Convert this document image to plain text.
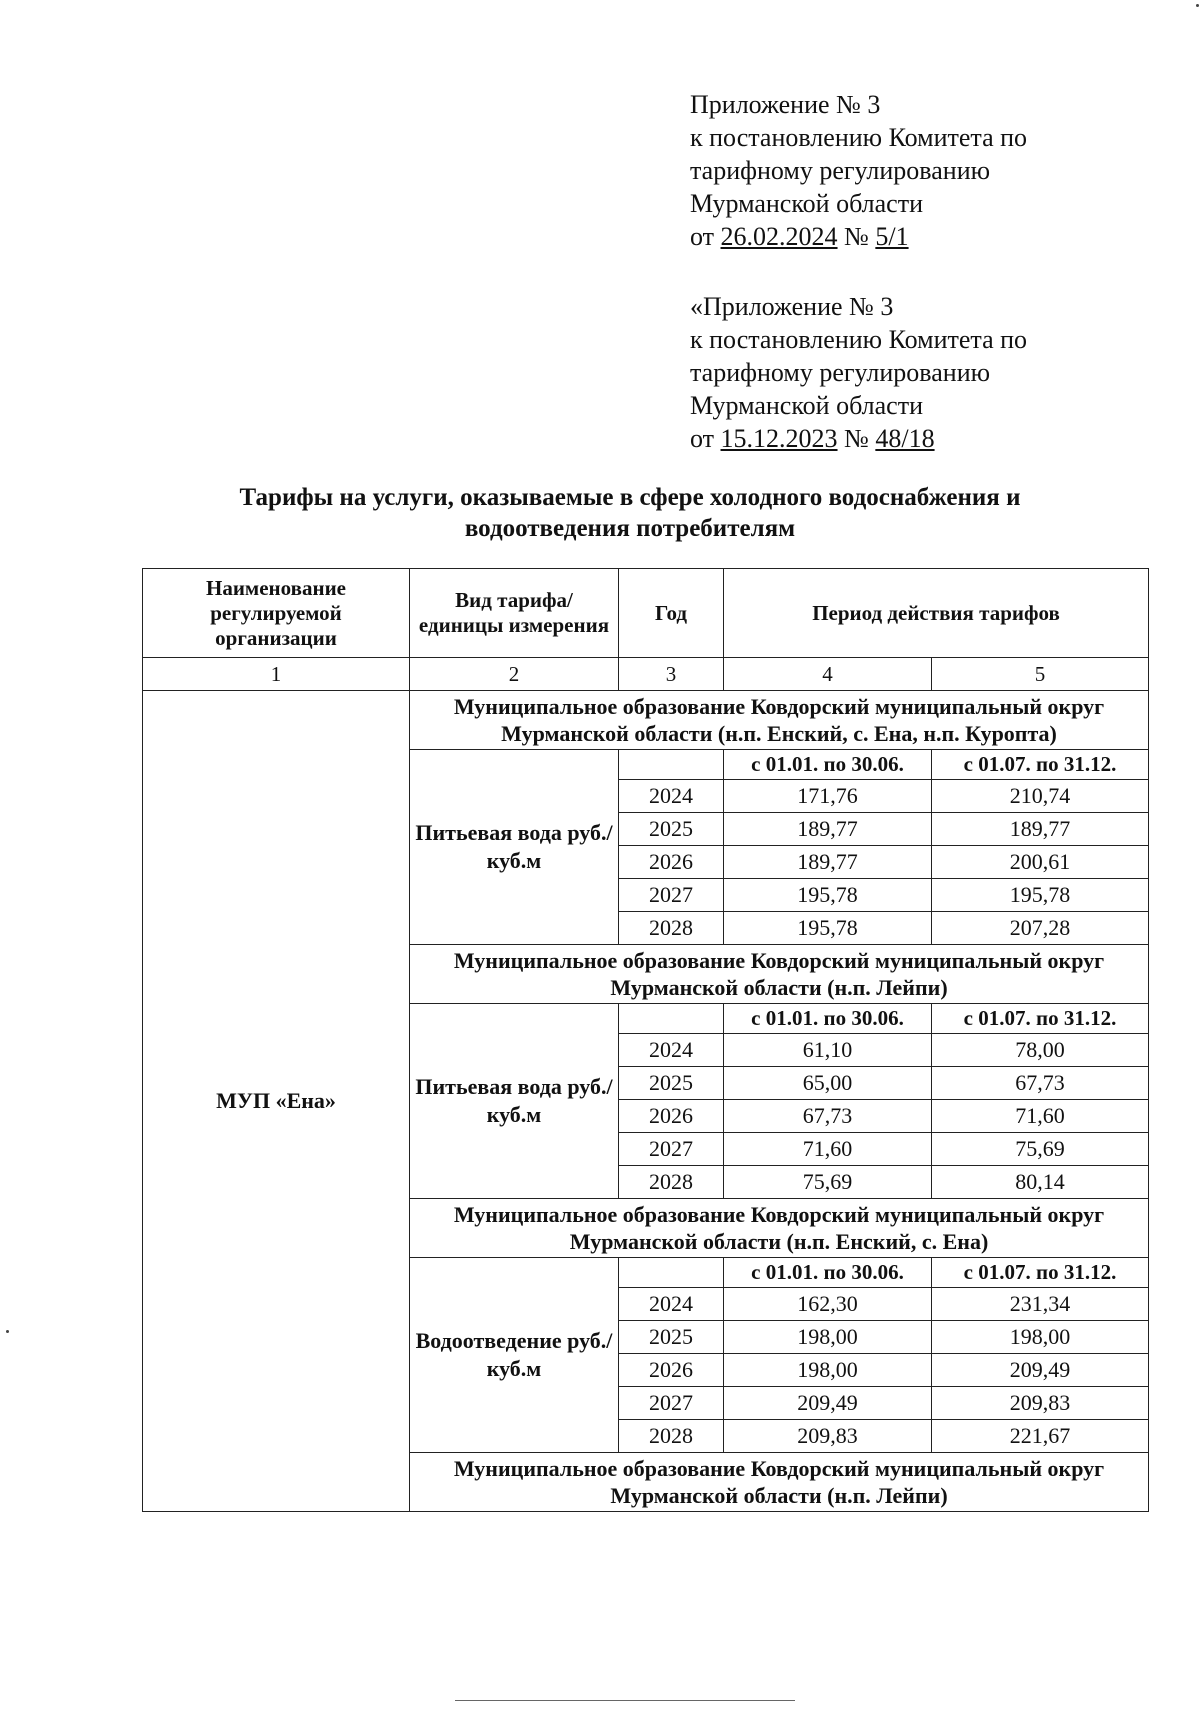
Приложение № 3
к постановлению Комитета по
тарифному регулированию
Мурманской области
от 26.02.2024 № 5/1
«Приложение № 3
к постановлению Комитета по
тарифному регулированию
Мурманской области
от 15.12.2023 № 48/18
Тарифы на услуги, оказываемые в сфере холодного водоснабжения и
водоотведения потребителям
Наименование регулируемой организации	Вид тарифа/единицы измерения	Год	Период действия тарифов	
1	2	3	4	5
МУП «Ена»	Муниципальное образование Ковдорский муниципальный округ Мурманской области (н.п. Енский, с. Ена, н.п. Куропта)			
	Питьевая вода руб./куб.м		с 01.01. по 30.06.	с 01.07. по 31.12.
		2024	171,76	210,74
		2025	189,77	189,77
		2026	189,77	200,61
		2027	195,78	195,78
		2028	195,78	207,28
	Муниципальное образование Ковдорский муниципальный округ Мурманской области (н.п. Лейпи)			
	Питьевая вода руб./куб.м		с 01.01. по 30.06.	с 01.07. по 31.12.
		2024	61,10	78,00
		2025	65,00	67,73
		2026	67,73	71,60
		2027	71,60	75,69
		2028	75,69	80,14
	Муниципальное образование Ковдорский муниципальный округ Мурманской области (н.п. Енский, с. Ена)			
	Водоотведение руб./куб.м		с 01.01. по 30.06.	с 01.07. по 31.12.
		2024	162,30	231,34
		2025	198,00	198,00
		2026	198,00	209,49
		2027	209,49	209,83
		2028	209,83	221,67
	Муниципальное образование Ковдорский муниципальный округ Мурманской области (н.п. Лейпи)			
